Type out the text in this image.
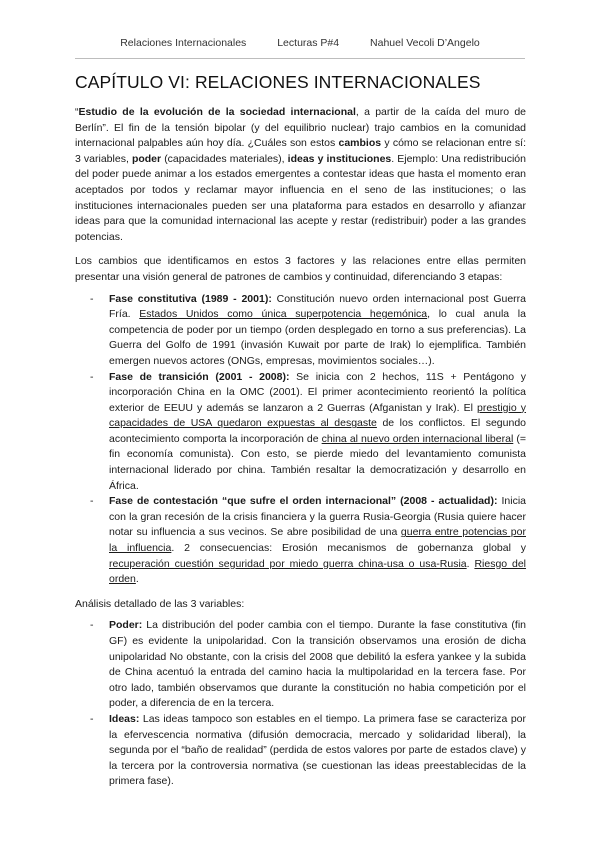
Relaciones Internacionales	Lecturas P#4	Nahuel Vecoli D’Angelo
CAPÍTULO VI: RELACIONES INTERNACIONALES

“Estudio de la evolución de la sociedad internacional, a partir de la caída del muro de Berlín”. El fin de la tensión bipolar (y del equilibrio nuclear) trajo cambios en la comunidad internacional palpables aún hoy día. ¿Cuáles son estos cambios y cómo se relacionan entre sí: 3 variables, poder (capacidades materiales), ideas y instituciones. Ejemplo: Una redistribución del poder puede animar a los estados emergentes a contestar ideas que hasta el momento eran aceptados por todos y reclamar mayor influencia en el seno de las instituciones; o las instituciones internacionales pueden ser una plataforma para estados en desarrollo y afianzar ideas para que la comunidad internacional las acepte y restar (redistribuir) poder a las grandes potencias.

Los cambios que identificamos en estos 3 factores y las relaciones entre ellas permiten presentar una visión general de patrones de cambios y continuidad, diferenciando 3 etapas:

- Fase constitutiva (1989 - 2001): Constitución nuevo orden internacional post Guerra Fría. Estados Unidos como única superpotencia hegemónica, lo cual anula la competencia de poder por un tiempo (orden desplegado en torno a sus preferencias). La Guerra del Golfo de 1991 (invasión Kuwait por parte de Irak) lo ejemplifica. También emergen nuevos actores (ONGs, empresas, movimientos sociales…).
- Fase de transición (2001 - 2008): Se inicia con 2 hechos, 11S + Pentágono y incorporación China en la OMC (2001). El primer acontecimiento reorientó la política exterior de EEUU y además se lanzaron a 2 Guerras (Afganistan y Irak). El prestigio y capacidades de USA quedaron expuestas al desgaste de los conflictos. El segundo acontecimiento comporta la incorporación de china al nuevo orden internacional liberal (= fin economía comunista). Con esto, se pierde miedo del levantamiento comunista internacional liderado por china. También resaltar la democratización y desarrollo en África.
- Fase de contestación “que sufre el orden internacional” (2008 - actualidad): Inicia con la gran recesión de la crisis financiera y la guerra Rusia-Georgia (Rusia quiere hacer notar su influencia a sus vecinos. Se abre posibilidad de una guerra entre potencias por la influencia. 2 consecuencias: Erosión mecanismos de gobernanza global y recuperación cuestión seguridad por miedo guerra china-usa o usa-Rusia. Riesgo del orden.

Análisis detallado de las 3 variables:

- Poder: La distribución del poder cambia con el tiempo. Durante la fase constitutiva (fin GF) es evidente la unipolaridad. Con la transición observamos una erosión de dicha unipolaridad No obstante, con la crisis del 2008 que debilitó la esfera yankee y la subida de China acentuó la entrada del camino hacia la multipolaridad en la tercera fase. Por otro lado, también observamos que durante la constitución no habia competición por el poder, a diferencia de en la tercera.
- Ideas: Las ideas tampoco son estables en el tiempo. La primera fase se caracteriza por la efervescencia normativa (difusión democracia, mercado y solidaridad liberal), la segunda por el “baño de realidad” (perdida de estos valores por parte de estados clave) y la tercera por la controversia normativa (se cuestionan las ideas preestablecidas de la primera fase).
